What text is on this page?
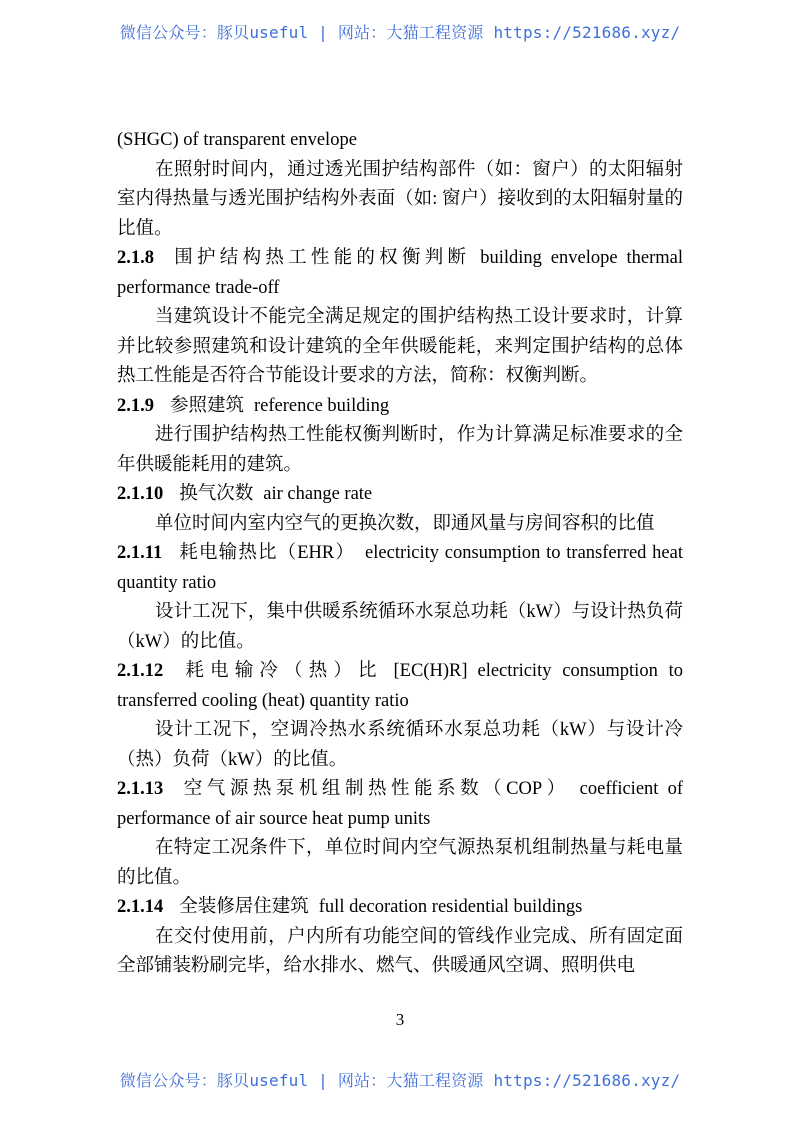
微信公众号：豚贝useful | 网站：大猫工程资源 https://521686.xyz/

(SHGC) of transparent envelope

在照射时间内，通过透光围护结构部件（如：窗户）的太阳辐射室内得热量与透光围护结构外表面（如: 窗户）接收到的太阳辐射量的比值。

2.1.8 围护结构热工性能的权衡判断 building envelope thermal performance trade-off

当建筑设计不能完全满足规定的围护结构热工设计要求时，计算并比较参照建筑和设计建筑的全年供暖能耗，来判定围护结构的总体热工性能是否符合节能设计要求的方法，简称：权衡判断。

2.1.9 参照建筑 reference building

进行围护结构热工性能权衡判断时，作为计算满足标准要求的全年供暖能耗用的建筑。

2.1.10 换气次数 air change rate

单位时间内室内空气的更换次数，即通风量与房间容积的比值

2.1.11 耗电输热比（EHR） electricity consumption to transferred heat quantity ratio

设计工况下，集中供暖系统循环水泵总功耗（kW）与设计热负荷（kW）的比值。

2.1.12 耗电输冷（热）比 [EC(H)R] electricity consumption to transferred cooling (heat) quantity ratio

设计工况下，空调冷热水系统循环水泵总功耗（kW）与设计冷（热）负荷（kW）的比值。

2.1.13 空气源热泵机组制热性能系数（COP） coefficient of performance of air source heat pump units

在特定工况条件下，单位时间内空气源热泵机组制热量与耗电量的比值。

2.1.14 全装修居住建筑 full decoration residential buildings

在交付使用前，户内所有功能空间的管线作业完成、所有固定面全部铺装粉刷完毕，给水排水、燃气、供暖通风空调、照明供电

3
微信公众号：豚贝useful | 网站：大猫工程资源 https://521686.xyz/
